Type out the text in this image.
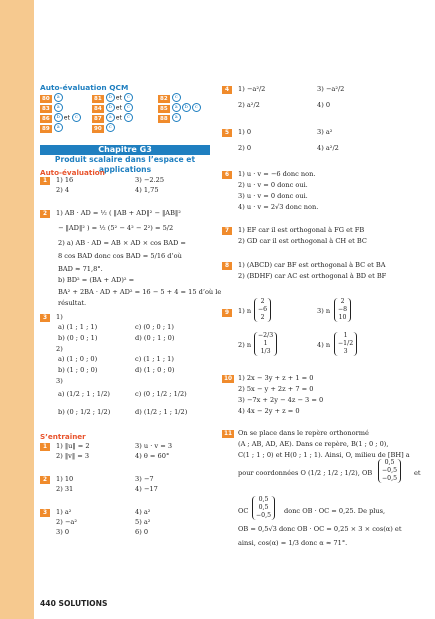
Auto-évaluation QCM
80 a	81 b et c	82 c
83 a	84 b et c	85 a b c
86 b et c	87 a et c	88 a
89 a	90 c
Chapitre G3
Produit scalaire dans l’espace et applications
Auto-évaluation
1	1) 16	3) −2.25
2) 4	4) 1,75
2	1) AB · AD = ½ ( ‖AB + AD‖² − ‖AB‖²
− ‖AD‖² ) = ½ (5² − 4² − 2²) = 5/2
2) a) AB · AD = AB × AD × cos BAD =
8 cos BAD donc cos BAD = 5/16 d’où
BAD ≈ 71,8°.
b) BD² = (BA + AD)² =
BA² + 2BA · AD + AD² = 16 − 5 + 4 = 15 d’où le
résultat.
3	1)
a) (1 ; 1 ; 1)	c) (0 ; 0 ; 1)
b) (0 ; 0 ; 1)	d) (0 ; 1 ; 0)
2)
a) (1 ; 0 ; 0)	c) (1 ; 1 ; 1)
b) (1 ; 0 ; 0)	d) (1 ; 0 ; 0)
3)
a) (1/2 ; 1 ; 1/2)	c) (0 ; 1/2 ; 1/2)
b) (0 ; 1/2 ; 1/2)	d) (1/2 ; 1 ; 1/2)
S’entraîner
1	1) ‖u‖ = 2	3) u · v = 3
2) ‖v‖ = 3	4) θ = 60°
2	1) 10	3) −7
2) 31	4) −17
3	1) a²	4) a²
2) −a²	5) a²
3) 0	6) 0
440 SOLUTIONS
4	1) −a²/2	3) −a²/2
2) a²/2	4) 0
5	1) 0	3) a²
2) 0	4) a²/2
6	1) u · v = −6 donc non.
2) u · v = 0 donc oui.
3) u · v = 0 donc oui.
4) u · v = 2√3 donc non.
7	1) EF car il est orthogonal à FG et FB
2) GD car il est orthogonal à CH et BC
8	1) (ABCD) car BF est orthogonal à BC et BA
2) (BDHF) car AC est orthogonal à BD et BF
9	1) n
2
−6
2
3) n
2
−8
10
2) n
−2/3
1
1/3
4) n
1
−1/2
3
10 1) 2x − 3y + z + 1 = 0
2) 5x − y + 2z + 7 = 0
3) −7x + 2y − 4z − 3 = 0
4) 4x − 2y + z = 0
11 On se place dans le repère orthonormé
(A ; AB, AD, AE). Dans ce repère, B(1 ; 0 ; 0),
C(1 ; 1 ; 0) et H(0 ; 1 ; 1). Ainsi, O, milieu de [BH] a
pour coordonnées O (1/2 ; 1/2 ; 1/2), OB
0,5
−0,5
−0,5
et
OC
0,5
0,5
−0,5
donc OB · OC = 0,25. De plus,
OB = 0,5√3 donc OB · OC = 0,25 × 3 × cos(α) et
ainsi, cos(α) = 1/3 donc α ≈ 71°.
